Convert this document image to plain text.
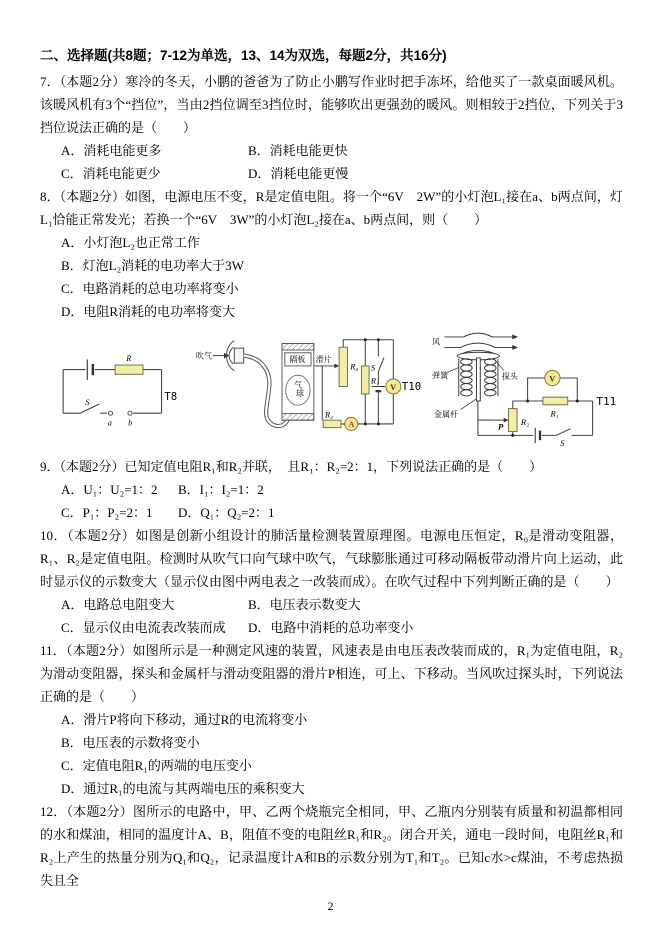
二、选择题(共8题；7-12为单选，13、14为双选，每题2分，共16分)

7．（本题2分）寒冷的冬天，小鹏的爸爸为了防止小鹏写作业时把手冻坏，给他买了一款桌面暖风机。该暖风机有3个“挡位”，当由2挡位调至3挡位时，能够吹出更强劲的暖风。则相较于2挡位，下列关于3挡位说法正确的是（　　）

A．消耗电能更多	B．消耗电能更快
C．消耗电能更少	D．消耗电能更慢

8．（本题2分）如图，电源电压不变，R是定值电阻。将一个“6V　2W”的小灯泡L₁接在a、b两点间，灯L₁恰能正常发光；若换一个“6V　3W”的小灯泡L₂接在a、b两点间，则（　　）

A．小灯泡L₂也正常工作
B．灯泡L₂消耗的电功率大于3W
C．电路消耗的总电功率将变小
D．电阻R消耗的电功率将变大
R
S
a b
T8
吹气	隔板
气
球
滑片
A
V
R₀
R₁
R₂
S
T10
风
弹簧	探头
金属杆
V
P R₂
R₁
S
T11

9．（本题2分）已知定值电阻R₁和R₂并联，　且R₁：R₂=2：1，下列说法正确的是（　　）

A．U₁：U₂=1：2	B．I₁：I₂=1：2
C．P₁：P₂=2：1	D．Q₁：Q₂=2：1

10．（本题2分）如图是创新小组设计的肺活量检测装置原理图。电源电压恒定，R₀是滑动变阻器，R₁、R₂是定值电阻。检测时从吹气口向气球中吹气，气球膨胀通过可移动隔板带动滑片向上运动，此时显示仪的示数变大（显示仪由图中两电表之一改装而成）。在吹气过程中下列判断正确的是（　　）

A．电路总电阻变大	B．电压表示数变大
C．显示仪由电流表改装而成	D．电路中消耗的总功率变小

11．（本题2分）如图所示是一种测定风速的装置，风速表是由电压表改装而成的，R₁为定值电阻，R₂为滑动变阻器，探头和金属杆与滑动变阻器的滑片P相连，可上、下移动。当风吹过探头时，下列说法正确的是（　　）

A．滑片P将向下移动，通过R的电流将变小
B．电压表的示数将变小
C．定值电阻R₁的两端的电压变小
D．通过R₁的电流与其两端电压的乘积变大

12．（本题2分）图所示的电路中，甲、乙两个烧瓶完全相同，甲、乙瓶内分别装有质量和初温都相同的水和煤油，相同的温度计A、B，阻值不变的电阻丝R₁和R₂。闭合开关，通电一段时间，电阻丝R₁和R₂上产生的热量分别为Q₁和Q₂，记录温度计A和B的示数分别为T₁和T₂。已知c水>c煤油，不考虑热损失且全

2
